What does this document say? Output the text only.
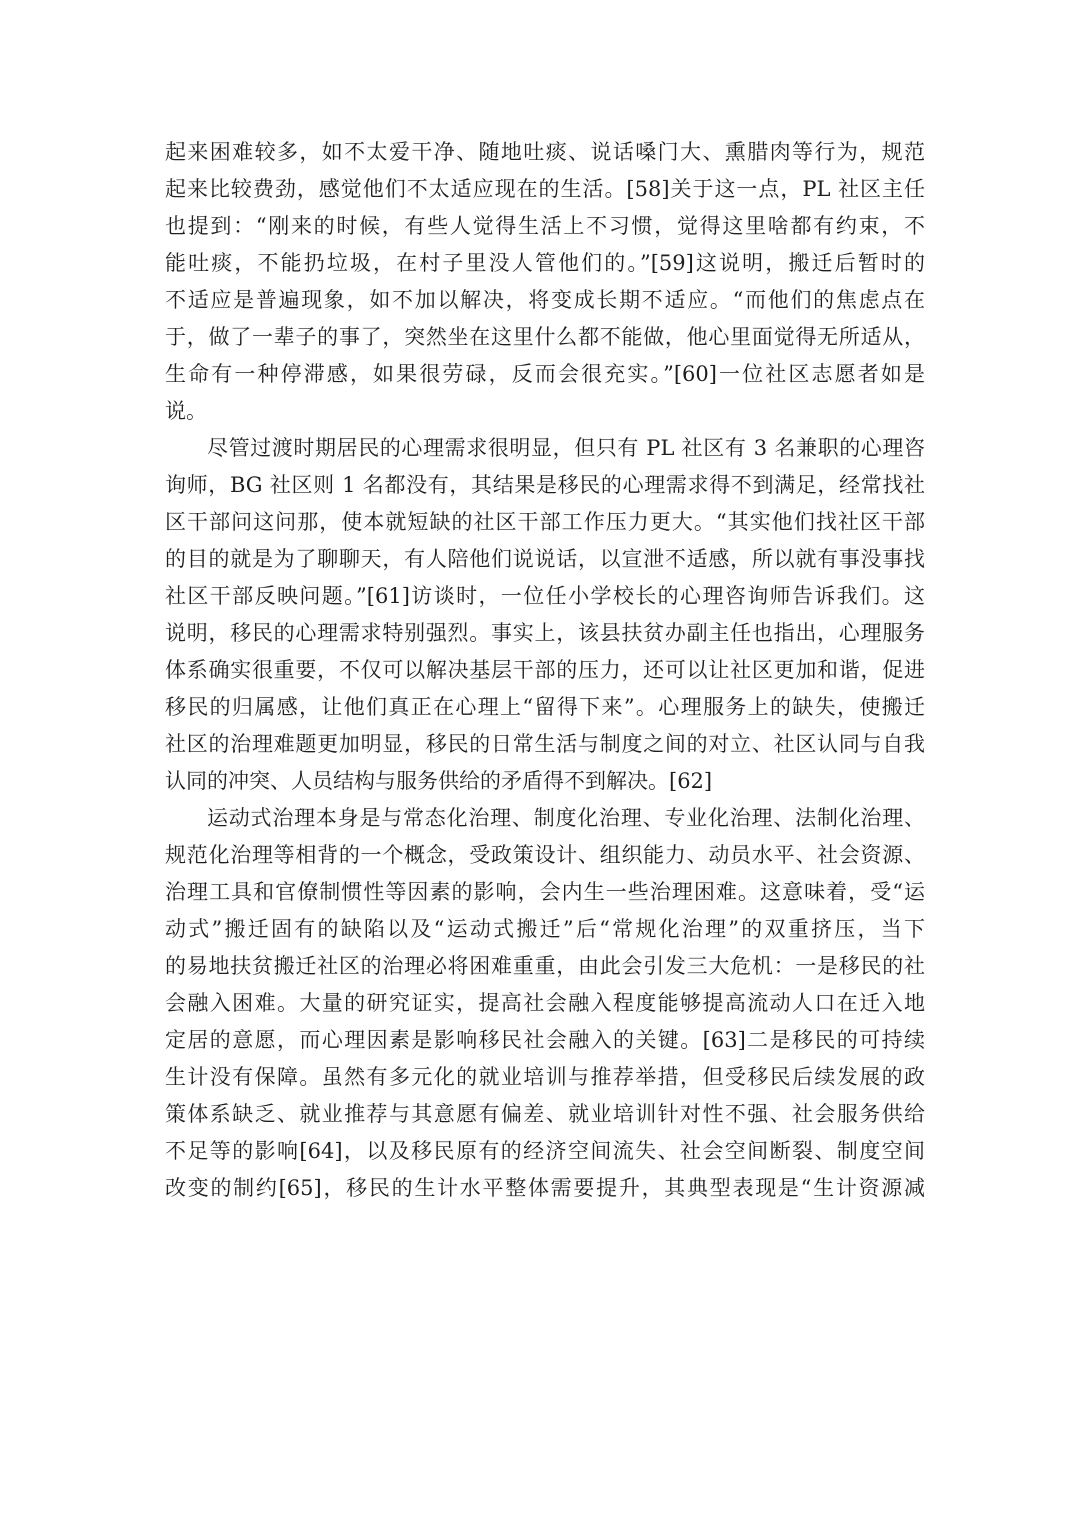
起来困难较多，如不太爱干净、随地吐痰、说话嗓门大、熏腊肉等行为，规范
起来比较费劲，感觉他们不太适应现在的生活。[58]关于这一点，PL 社区主任
也提到：“刚来的时候，有些人觉得生活上不习惯，觉得这里啥都有约束，不
能吐痰，不能扔垃圾，在村子里没人管他们的。”[59]这说明，搬迁后暂时的
不适应是普遍现象，如不加以解决，将变成长期不适应。“而他们的焦虑点在
于，做了一辈子的事了，突然坐在这里什么都不能做，他心里面觉得无所适从，
生命有一种停滞感，如果很劳碌，反而会很充实。”[60]一位社区志愿者如是
说。
尽管过渡时期居民的心理需求很明显，但只有 PL 社区有 3 名兼职的心理咨
询师，BG 社区则 1 名都没有，其结果是移民的心理需求得不到满足，经常找社
区干部问这问那，使本就短缺的社区干部工作压力更大。“其实他们找社区干部
的目的就是为了聊聊天，有人陪他们说说话，以宣泄不适感，所以就有事没事找
社区干部反映问题。”[61]访谈时，一位任小学校长的心理咨询师告诉我们。这
说明，移民的心理需求特别强烈。事实上，该县扶贫办副主任也指出，心理服务
体系确实很重要，不仅可以解决基层干部的压力，还可以让社区更加和谐，促进
移民的归属感，让他们真正在心理上“留得下来”。心理服务上的缺失，使搬迁
社区的治理难题更加明显，移民的日常生活与制度之间的对立、社区认同与自我
认同的冲突、人员结构与服务供给的矛盾得不到解决。[62]
运动式治理本身是与常态化治理、制度化治理、专业化治理、法制化治理、
规范化治理等相背的一个概念，受政策设计、组织能力、动员水平、社会资源、
治理工具和官僚制惯性等因素的影响，会内生一些治理困难。这意味着，受“运
动式”搬迁固有的缺陷以及“运动式搬迁”后“常规化治理”的双重挤压，当下
的易地扶贫搬迁社区的治理必将困难重重，由此会引发三大危机：一是移民的社
会融入困难。大量的研究证实，提高社会融入程度能够提高流动人口在迁入地
定居的意愿，而心理因素是影响移民社会融入的关键。[63]二是移民的可持续
生计没有保障。虽然有多元化的就业培训与推荐举措，但受移民后续发展的政
策体系缺乏、就业推荐与其意愿有偏差、就业培训针对性不强、社会服务供给
不足等的影响[64]，以及移民原有的经济空间流失、社会空间断裂、制度空间
改变的制约[65]，移民的生计水平整体需要提升，其典型表现是“生计资源减
